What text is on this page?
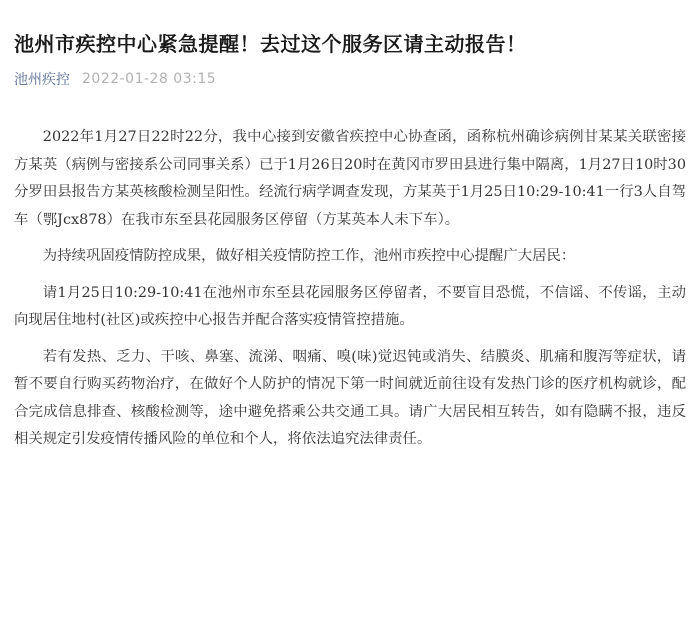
池州市疾控中心紧急提醒！去过这个服务区请主动报告！
池州疾控 2022-01-28 03:15

2022年1月27日22时22分，我中心接到安徽省疾控中心协查函，函称杭州确诊病例甘某某关联密接方某英（病例与密接系公司同事关系）已于1月26日20时在黄冈市罗田县进行集中隔离，1月27日10时30分罗田县报告方某英核酸检测呈阳性。经流行病学调查发现，方某英于1月25日10:29-10:41一行3人自驾车（鄂Jcx878）在我市东至县花园服务区停留（方某英本人未下车）。

为持续巩固疫情防控成果，做好相关疫情防控工作，池州市疾控中心提醒广大居民：

请1月25日10:29-10:41在池州市东至县花园服务区停留者，不要盲目恐慌，不信谣、不传谣，主动向现居住地村(社区)或疾控中心报告并配合落实疫情管控措施。

若有发热、乏力、干咳、鼻塞、流涕、咽痛、嗅(味)觉迟钝或消失、结膜炎、肌痛和腹泻等症状，请暂不要自行购买药物治疗，在做好个人防护的情况下第一时间就近前往设有发热门诊的医疗机构就诊，配合完成信息排查、核酸检测等，途中避免搭乘公共交通工具。请广大居民相互转告，如有隐瞒不报，违反相关规定引发疫情传播风险的单位和个人，将依法追究法律责任。
